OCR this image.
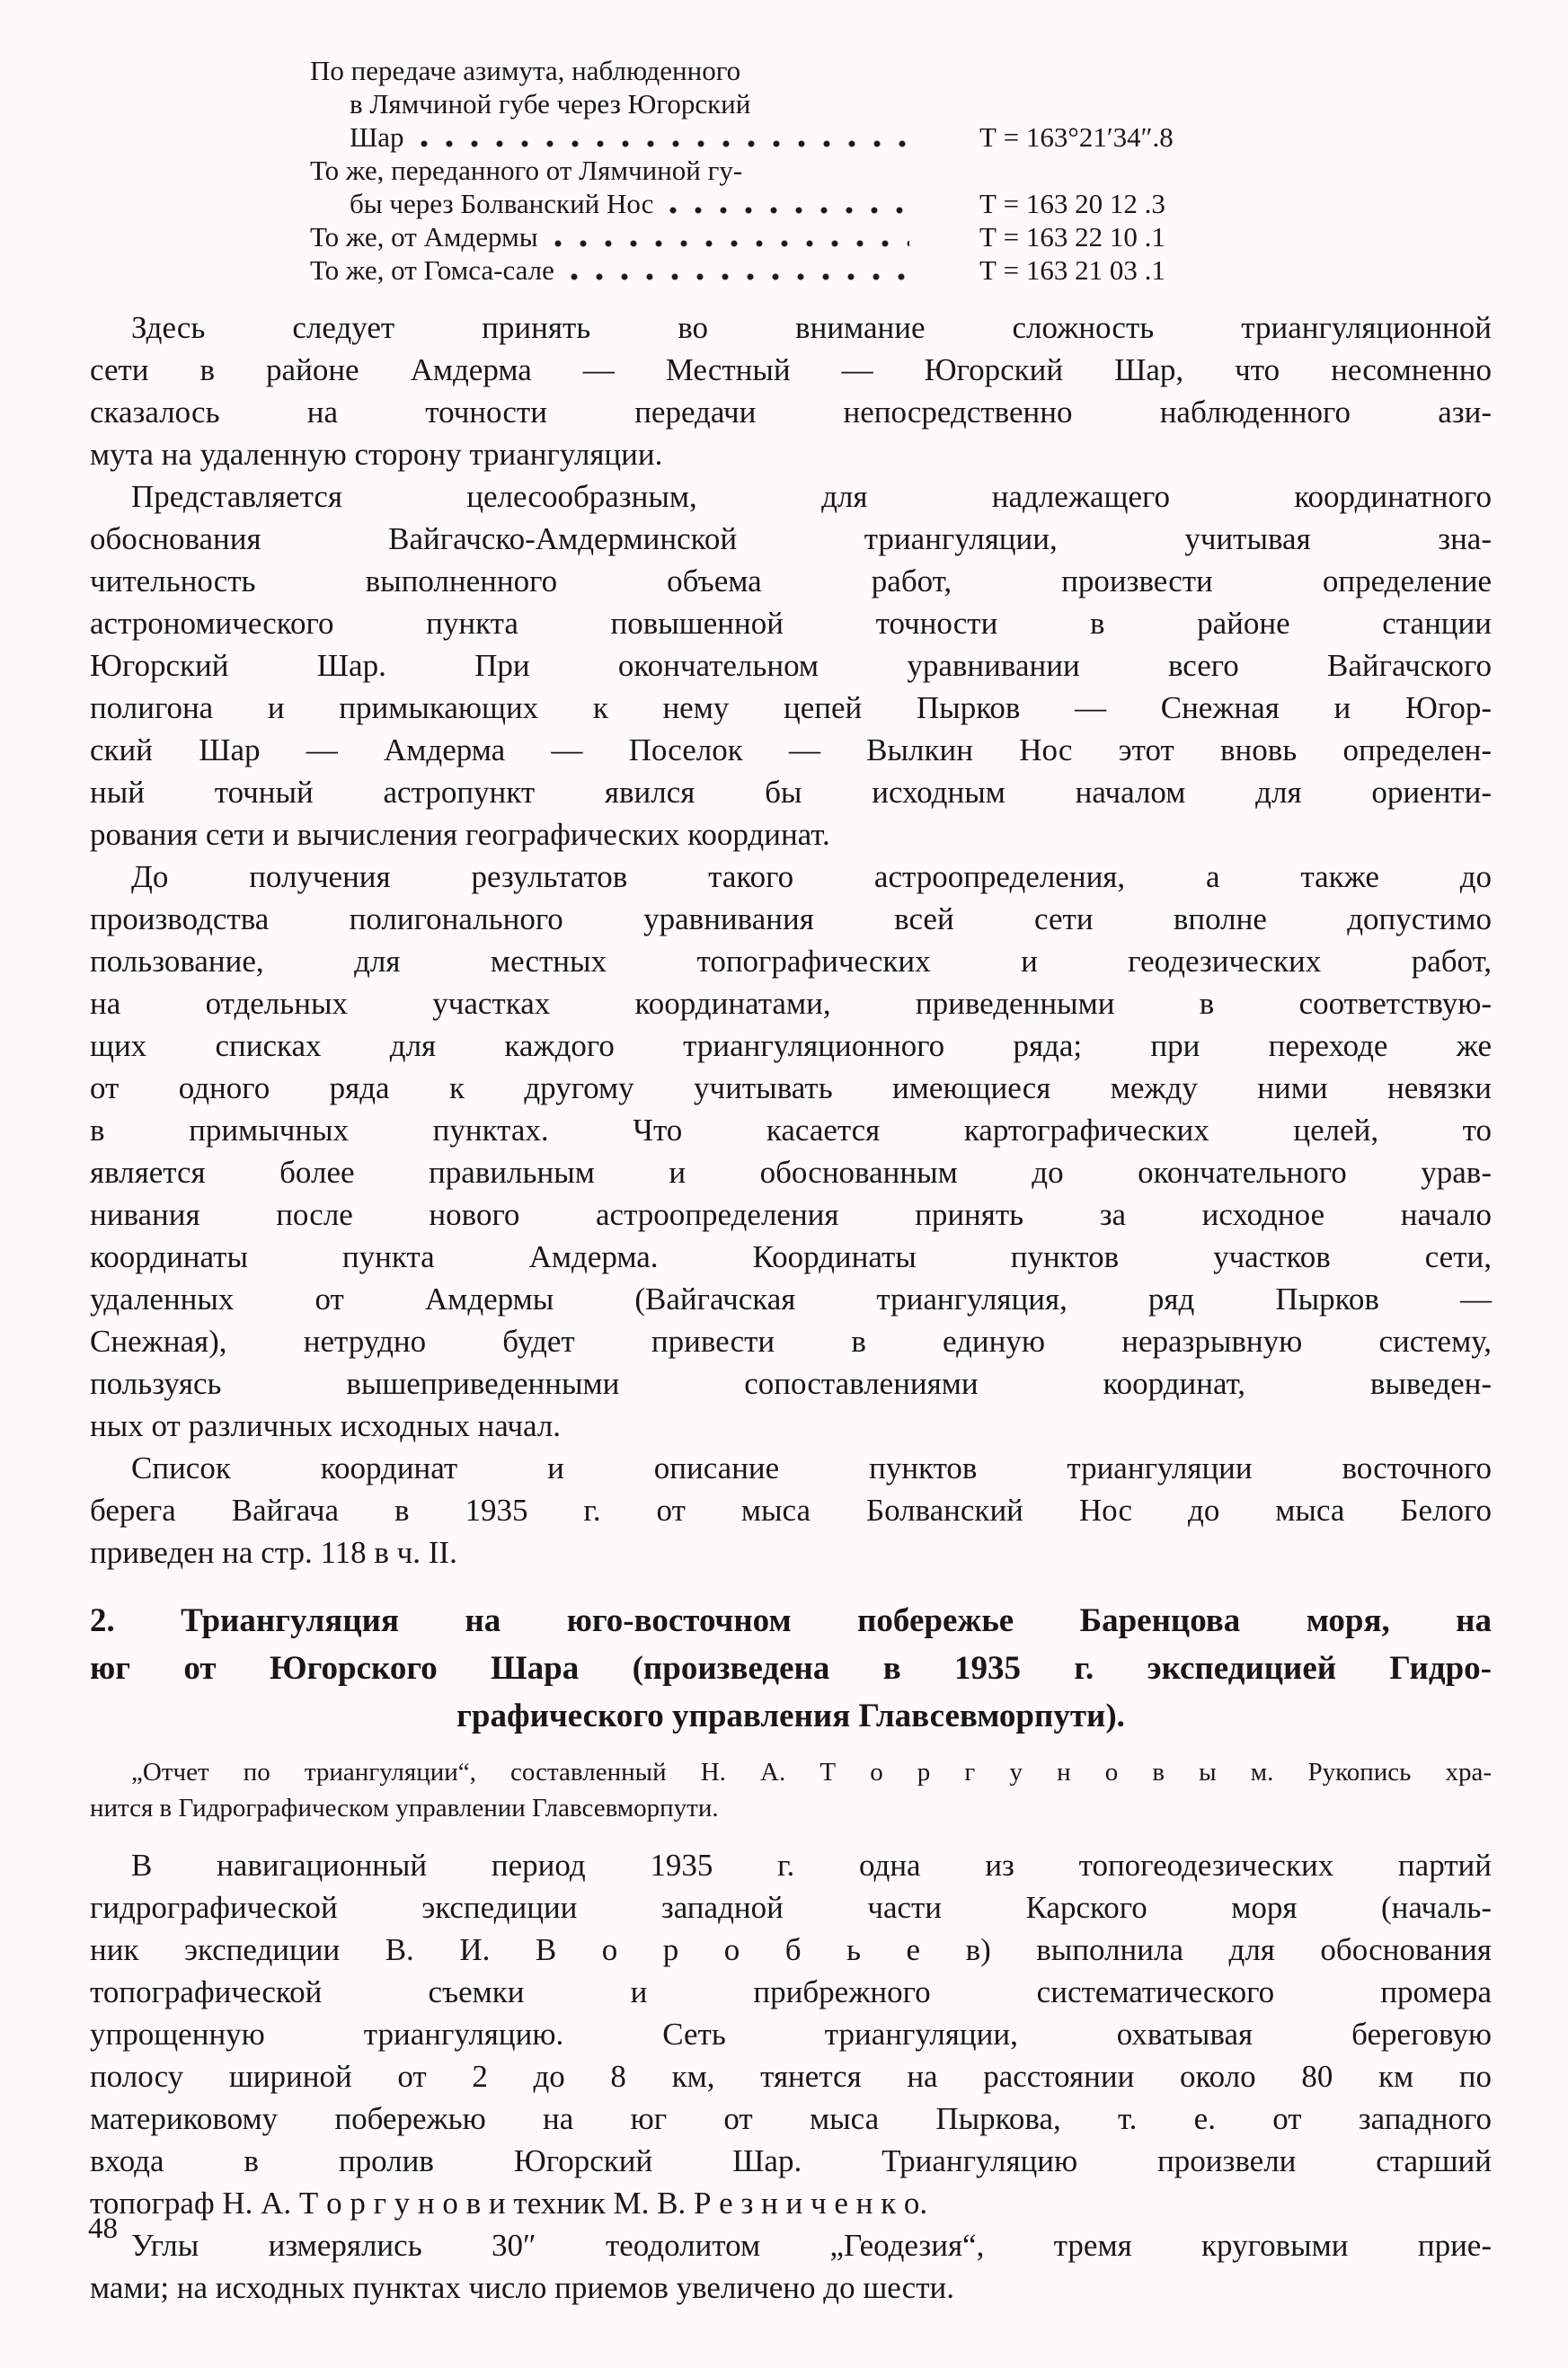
По передаче азимута, наблюденного
в Лямчиной губе через Югорский
Шар	Т = 163°21′34″.8
То же, переданного от Лямчиной гу-
бы через Болванский Нос	Т = 163 20 12 .3
То же, от Амдермы	Т = 163 22 10 .1
То же, от Гомса-сале	Т = 163 21 03 .1
Здесь следует принять во внимание сложность триангуляционной
сети в районе Амдерма — Местный — Югорский Шар, что несомненно
сказалось на точности передачи непосредственно наблюденного ази-
мута на удаленную сторону триангуляции.
Представляется целесообразным, для надлежащего координатного
обоснования Вайгачско-Амдерминской триангуляции, учитывая зна-
чительность выполненного объема работ, произвести определение
астрономического пункта повышенной точности в районе станции
Югорский Шар. При окончательном уравнивании всего Вайгачского
полигона и примыкающих к нему цепей Пырков — Снежная и Югор-
ский Шар — Амдерма — Поселок — Вылкин Нос этот вновь определен-
ный точный астропункт явился бы исходным началом для ориенти-
рования сети и вычисления географических координат.
До получения результатов такого астроопределения, а также до
производства полигонального уравнивания всей сети вполне допустимо
пользование, для местных топографических и геодезических работ,
на отдельных участках координатами, приведенными в соответствую-
щих списках для каждого триангуляционного ряда; при переходе же
от одного ряда к другому учитывать имеющиеся между ними невязки
в примычных пунктах. Что касается картографических целей, то
является более правильным и обоснованным до окончательного урав-
нивания после нового астроопределения принять за исходное начало
координаты пункта Амдерма. Координаты пунктов участков сети,
удаленных от Амдермы (Вайгачская триангуляция, ряд Пырков —
Снежная), нетрудно будет привести в единую неразрывную систему,
пользуясь вышеприведенными сопоставлениями координат, выведен-
ных от различных исходных начал.
Список координат и описание пунктов триангуляции восточного
берега Вайгача в 1935 г. от мыса Болванский Нос до мыса Белого
приведен на стр. 118 в ч. II.
2. Триангуляция на юго-восточном побережье Баренцова моря, на
юг от Югорского Шара (произведена в 1935 г. экспедицией Гидро-
графического управления Главсевморпути).
„Отчет по триангуляции“, составленный Н. А. Т о р г у н о в ы м. Рукопись хра-
нится в Гидрографическом управлении Главсевморпути.
В навигационный период 1935 г. одна из топогеодезических партий
гидрографической экспедиции западной части Карского моря (началь-
ник экспедиции В. И. В о р о б ь е в) выполнила для обоснования
топографической съемки и прибрежного систематического промера
упрощенную триангуляцию. Сеть триангуляции, охватывая береговую
полосу шириной от 2 до 8 км, тянется на расстоянии около 80 км по
материковому побережью на юг от мыса Пыркова, т. е. от западного
входа в пролив Югорский Шар. Триангуляцию произвели старший
топограф Н. А. Т о р г у н о в и техник М. В. Р е з н и ч е н к о.
Углы измерялись 30″ теодолитом „Геодезия“, тремя круговыми прие-
мами; на исходных пунктах число приемов увеличено до шести.
48
